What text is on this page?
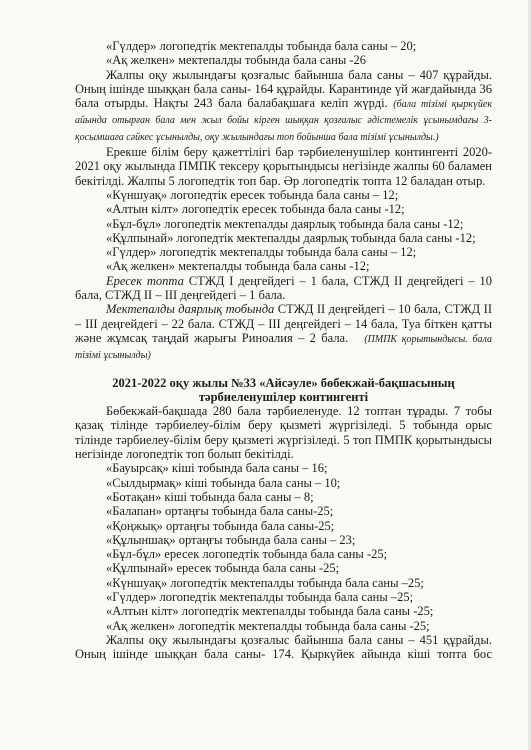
«Гүлдер» логопедтік мектепалды тобында бала саны – 20;

«Ақ желкен» мектепалды тобында бала саны -26

Жалпы оқу жылындағы қозғалыс байынша бала саны – 407 құрайды. Оның ішінде шыққан бала саны- 164 құрайды. Карантинде үй жағдайында 36 бала отырды. Нақты 243 бала балабақшаға келіп жүрді. (бала тізімі қыркүйек айында отырған бала мен жыл бойы кірген шыққан қозғалыс әдістемелік ұсынымдағы 3- қосымшаға сәйкес ұсынылды, оқу жылындағы топ бойынша бала тізімі ұсынылды.)

Ерекше білім беру қажеттілігі бар тәрбиеленушілер контингенті 2020-2021 оқу жылында ПМПК тексеру қорытындысы негізінде жалпы 60 баламен бекітілді. Жалпы 5 логопедтік топ бар. Әр логопедтік топта 12 баладан отыр.

«Күншуақ» логопедтік ересек тобында бала саны – 12;

«Алтын кілт» логопедтік ересек тобында бала саны -12;

«Бұл-бұл» логопедтік мектепалды даярлық тобында бала саны -12;

«Құлпынай» логопедтік мектепалды даярлық тобында бала саны -12;

«Гүлдер» логопедтік мектепалды тобында бала саны – 12;

«Ақ желкен» мектепалды тобында бала саны -12;

Ересек топта СТЖД I деңгейдегі – 1 бала, СТЖД II деңгейдегі – 10 бала, СТЖД II – III деңгейдегі – 1 бала.

Мектепалды даярлық тобында СТЖД II деңгейдегі – 10 бала, СТЖД II – III деңгейдегі – 22 бала. СТЖД – III деңгейдегі – 14 бала, Туа біткен қатты және жұмсақ таңдай жарығы Риноалия – 2 бала. (ПМПК қорытындысы. бала тізімі ұсынылды)

2021-2022 оқу жылы №33 «Айсәуле» бөбекжай-бақшасының
тәрбиеленушілер контингенті

Бөбекжай-бақшада 280 бала тәрбиеленуде. 12 топтан тұрады. 7 тобы қазақ тілінде тәрбиелеу-білім беру қызметі жүргізіледі. 5 тобында орыс тілінде тәрбиелеу-білім беру қызметі жүргізіледі. 5 топ ПМПК қорытындысы негізінде логопедтік топ болып бекітілді.

«Бауырсақ» кіші тобында бала саны – 16;

«Сылдырмақ» кіші тобында бала саны – 10;

«Ботақан» кіші тобында бала саны – 8;

«Балапан» ортаңғы тобында бала саны-25;

«Қоңжық» ортаңғы тобында бала саны-25;

«Құлыншақ» ортаңғы тобында бала саны – 23;

«Бұл-бұл» ересек логопедтік тобында бала саны -25;

«Құлпынай» ересек тобында бала саны -25;

«Күншуақ» логопедтік мектепалды тобында бала саны –25;

«Гүлдер» логопедтік мектепалды тобында бала саны –25;

«Алтын кілт» логопедтік мектепалды тобында бала саны -25;

«Ақ желкен» логопедтік мектепалды тобында бала саны -25;

Жалпы оқу жылындағы қозғалыс байынша бала саны – 451 құрайды. Оның ішінде шыққан бала саны- 174. Қыркүйек айында кіші топта бос
